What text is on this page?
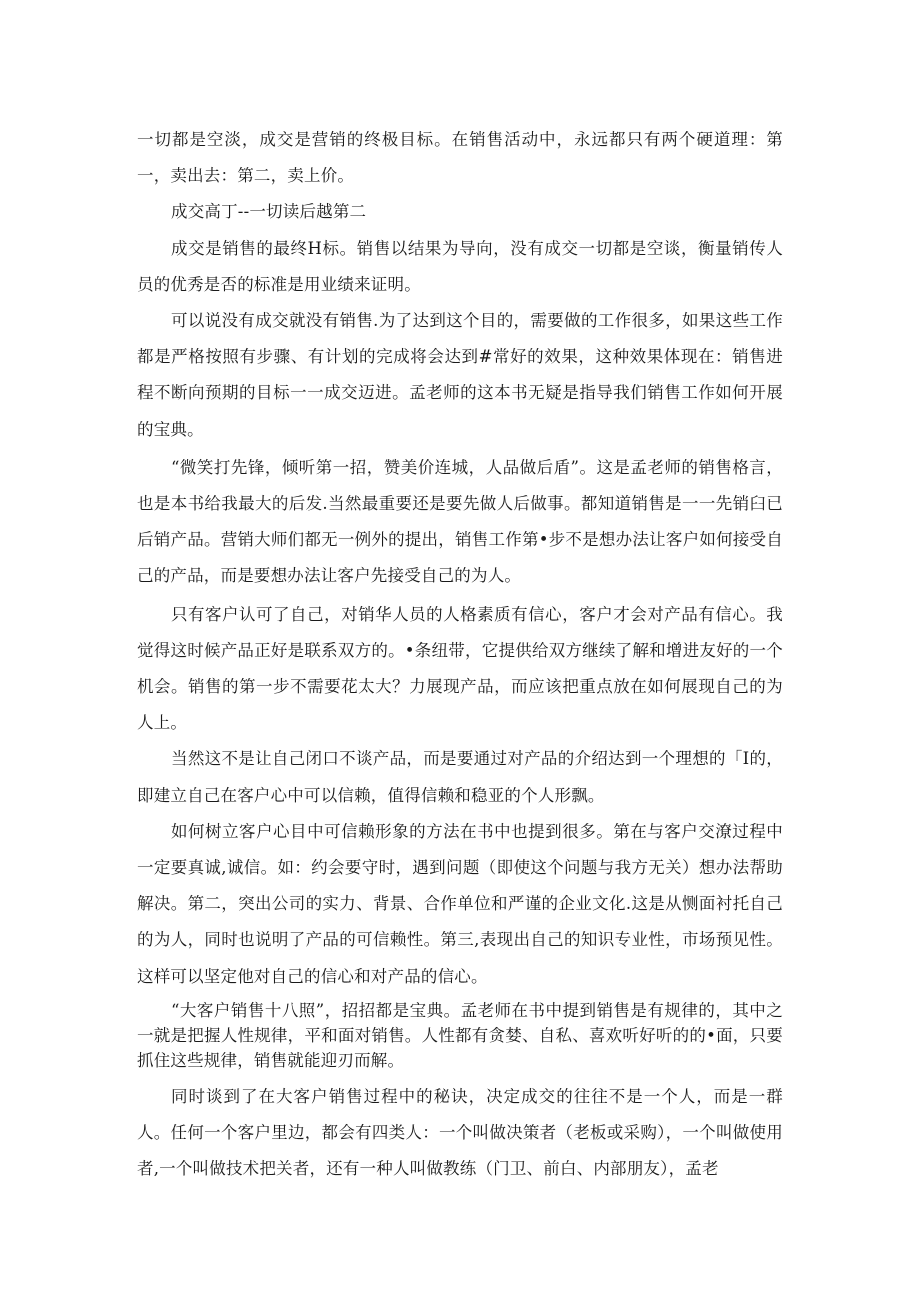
一切都是空淡，成交是营销的终极目标。在销售活动中，永远都只有两个硬道理：第一，卖出去：第二，卖上价。

成交高丁--一切读后越第二

成交是销售的最终H标。销售以结果为导向，没有成交一切都是空谈，衡量销传人员的优秀是否的标准是用业绩来证明。

可以说没有成交就没有销售.为了达到这个目的，需要做的工作很多，如果这些工作都是严格按照有步骤、有计划的完成将会达到#常好的效果，这种效果体现在：销售进程不断向预期的目标一一成交迈进。孟老师的这本书无疑是指导我们销售工作如何开展的宝典。

“微笑打先锋，倾听第一招，赞美价连城，人品做后盾”。这是孟老师的销售格言，也是本书给我最大的后发.当然最重要还是要先做人后做事。都知道销售是一一先销臼已后销产品。营销大师们都无一例外的提出，销售工作第•步不是想办法让客户如何接受自己的产品，而是要想办法让客户先接受自己的为人。

只有客户认可了自己，对销华人员的人格素质有信心，客户才会对产品有信心。我觉得这时候产品正好是联系双方的。•条纽带，它提供给双方继续了解和增进友好的一个机会。销售的第一步不需要花太大？力展现产品，而应该把重点放在如何展现自己的为人上。

当然这不是让自己闭口不谈产品，而是要通过对产品的介绍达到一个理想的「I的，即建立自己在客户心中可以信赖，值得信赖和稳亚的个人形飘。

如何树立客户心目中可信赖形象的方法在书中也提到很多。第在与客户交潦过程中一定要真诚,诚信。如：约会要守时，遇到问题（即使这个问题与我方无关）想办法帮助解决。第二，突出公司的实力、背景、合作单位和严谨的企业文化.这是从恻面衬托自己的为人，同时也说明了产品的可信赖性。第三,表现出自己的知识专业性，市场预见性。这样可以坚定他对自己的信心和对产品的信心。

“大客户销售十八照”，招招都是宝典。孟老师在书中提到销售是有规律的，其中之一就是把握人性规律，平和面对销售。人性都有贪婪、自私、喜欢听好听的的•面，只要抓住这些规律，销售就能迎刃而解。

同时谈到了在大客户销售过程中的秘诀，决定成交的往往不是一个人，而是一群人。任何一个客户里边，都会有四类人：一个叫做决策者（老板或采购），一个叫做使用者,一个叫做技术把关者，还有一种人叫做教练（门卫、前白、内部朋友），孟老
